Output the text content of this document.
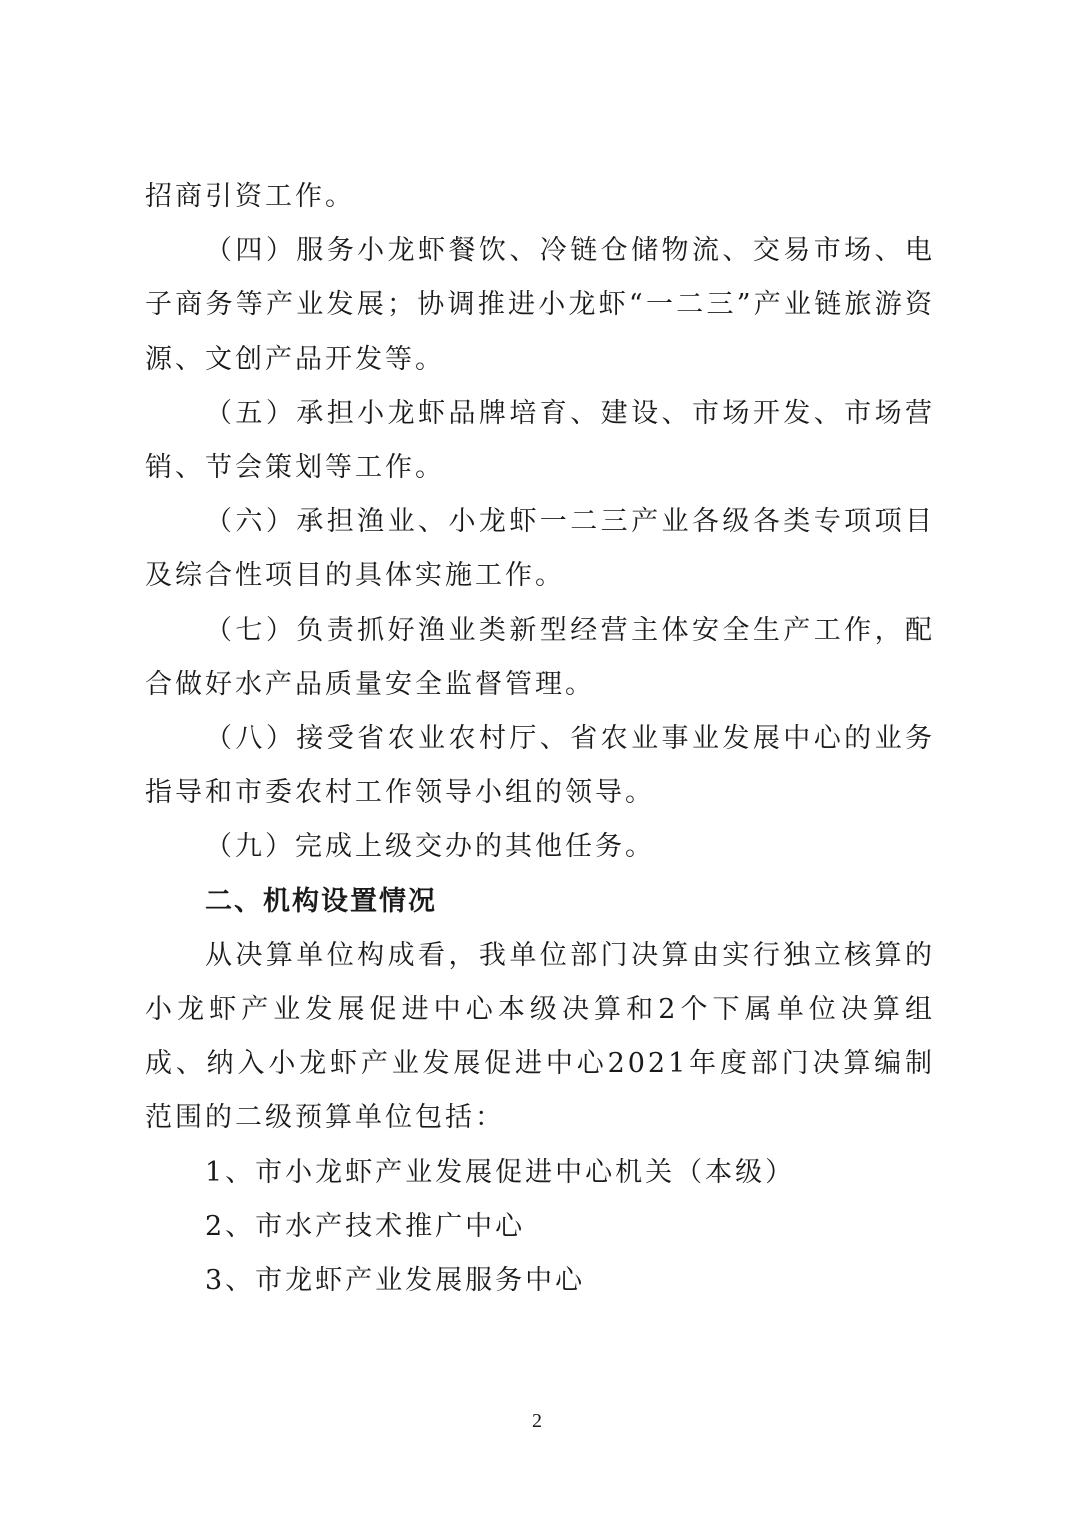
招商引资工作。

（四）服务小龙虾餐饮、冷链仓储物流、交易市场、电子商务等产业发展；协调推进小龙虾“一二三”产业链旅游资源、文创产品开发等。

（五）承担小龙虾品牌培育、建设、市场开发、市场营销、节会策划等工作。

（六）承担渔业、小龙虾一二三产业各级各类专项项目及综合性项目的具体实施工作。

（七）负责抓好渔业类新型经营主体安全生产工作，配合做好水产品质量安全监督管理。

（八）接受省农业农村厅、省农业事业发展中心的业务指导和市委农村工作领导小组的领导。

（九）完成上级交办的其他任务。

二、机构设置情况

从决算单位构成看，我单位部门决算由实行独立核算的小龙虾产业发展促进中心本级决算和2个下属单位决算组成、纳入小龙虾产业发展促进中心2021年度部门决算编制范围的二级预算单位包括：

1、市小龙虾产业发展促进中心机关（本级）

2、市水产技术推广中心

3、市龙虾产业发展服务中心

2
